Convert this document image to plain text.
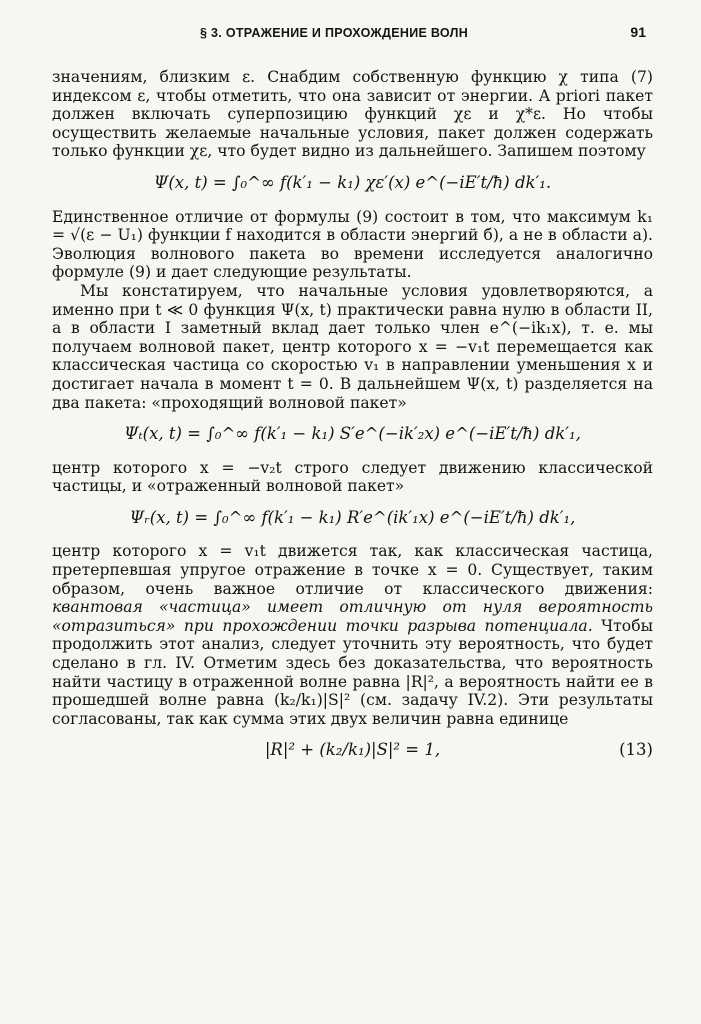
§ 3. ОТРАЖЕНИЕ И ПРОХОЖДЕНИЕ ВОЛН	91

значениям, близким ε. Снабдим собственную функцию χ типа (7) индексом ε, чтобы отметить, что она зависит от энергии. A priori пакет должен включать суперпозицию функций χε и χ*ε. Но чтобы осуществить желаемые начальные условия, пакет должен содержать только функции χε, что будет видно из дальнейшего. Запишем поэтому

Ψ(x, t) = ∫₀^∞ f(k′₁ − k₁) χε′(x) e^(−iE′t/ħ) dk′₁.

Единственное отличие от формулы (9) состоит в том, что максимум k₁ = √(ε − U₁) функции f находится в области энергий б), а не в области а). Эволюция волнового пакета во времени исследуется аналогично формуле (9) и дает следующие результаты.

Мы констатируем, что начальные условия удовлетворяются, а именно при t ≪ 0 функция Ψ(x, t) практически равна нулю в области II, а в области I заметный вклад дает только член e^(−ik₁x), т. е. мы получаем волновой пакет, центр которого x = −v₁t перемещается как классическая частица со скоростью v₁ в направлении уменьшения x и достигает начала в момент t = 0. В дальнейшем Ψ(x, t) разделяется на два пакета: «проходящий волновой пакет»

Ψₜ(x, t) = ∫₀^∞ f(k′₁ − k₁) S′e^(−ik′₂x) e^(−iE′t/ħ) dk′₁,

центр которого x = −v₂t строго следует движению классической частицы, и «отраженный волновой пакет»

Ψᵣ(x, t) = ∫₀^∞ f(k′₁ − k₁) R′e^(ik′₁x) e^(−iE′t/ħ) dk′₁,

центр которого x = v₁t движется так, как классическая частица, претерпевшая упругое отражение в точке x = 0. Существует, таким образом, очень важное отличие от классического движения: квантовая «частица» имеет отличную от нуля вероятность «отразиться» при прохождении точки разрыва потенциала. Чтобы продолжить этот анализ, следует уточнить эту вероятность, что будет сделано в гл. IV. Отметим здесь без доказательства, что вероятность найти частицу в отраженной волне равна |R|², а вероятность найти ее в прошедшей волне равна (k₂/k₁)|S|² (см. задачу IV.2). Эти результаты согласованы, так как сумма этих двух величин равна единице

|R|² + (k₂/k₁)|S|² = 1,	(13)
